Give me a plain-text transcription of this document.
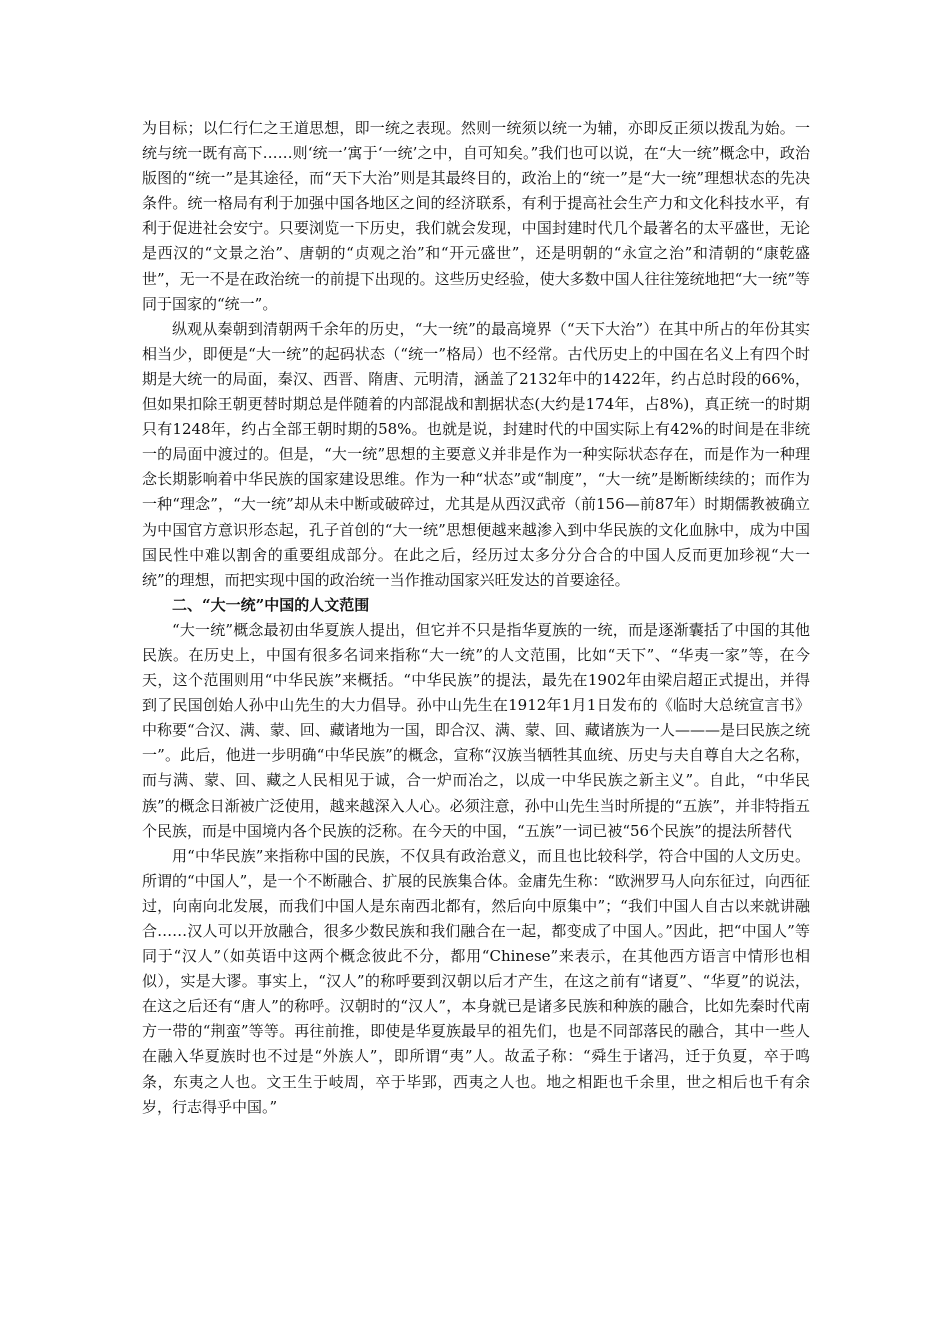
为目标；以仁行仁之王道思想，即一统之表现。然则一统须以统一为辅，亦即反正须以拨乱为始。一统与统一既有高下……则‘统一’寓于‘一统’之中，自可知矣。”我们也可以说，在“大一统”概念中，政治版图的“统一”是其途径，而“天下大治”则是其最终目的，政治上的“统一”是“大一统”理想状态的先决条件。统一格局有利于加强中国各地区之间的经济联系，有利于提高社会生产力和文化科技水平，有利于促进社会安宁。只要浏览一下历史，我们就会发现，中国封建时代几个最著名的太平盛世，无论是西汉的“文景之治”、唐朝的“贞观之治”和“开元盛世”，还是明朝的“永宣之治”和清朝的“康乾盛世”，无一不是在政治统一的前提下出现的。这些历史经验，使大多数中国人往往笼统地把“大一统”等同于国家的“统一”。

纵观从秦朝到清朝两千余年的历史，“大一统”的最高境界（“天下大治”）在其中所占的年份其实相当少，即便是“大一统”的起码状态（“统一”格局）也不经常。古代历史上的中国在名义上有四个时期是大统一的局面，秦汉、西晋、隋唐、元明清，涵盖了2132年中的1422年，约占总时段的66%，但如果扣除王朝更替时期总是伴随着的内部混战和割据状态(大约是174年，占8%)，真正统一的时期只有1248年，约占全部王朝时期的58%。也就是说，封建时代的中国实际上有42%的时间是在非统一的局面中渡过的。但是，“大一统”思想的主要意义并非是作为一种实际状态存在，而是作为一种理念长期影响着中华民族的国家建设思维。作为一种“状态”或“制度”，“大一统”是断断续续的；而作为一种“理念”，“大一统”却从未中断或破碎过，尤其是从西汉武帝（前156—前87年）时期儒教被确立为中国官方意识形态起，孔子首创的“大一统”思想便越来越渗入到中华民族的文化血脉中，成为中国国民性中难以割舍的重要组成部分。在此之后，经历过太多分分合合的中国人反而更加珍视“大一统”的理想，而把实现中国的政治统一当作推动国家兴旺发达的首要途径。

二、“大一统”中国的人文范围

“大一统”概念最初由华夏族人提出，但它并不只是指华夏族的一统，而是逐渐囊括了中国的其他民族。在历史上，中国有很多名词来指称“大一统”的人文范围，比如“天下”、“华夷一家”等，在今天，这个范围则用“中华民族”来概括。“中华民族”的提法，最先在1902年由梁启超正式提出，并得到了民国创始人孙中山先生的大力倡导。孙中山先生在1912年1月1日发布的《临时大总统宣言书》中称要“合汉、满、蒙、回、藏诸地为一国，即合汉、满、蒙、回、藏诸族为一人———是曰民族之统一”。此后，他进一步明确“中华民族”的概念，宣称“汉族当牺牲其血统、历史与夫自尊自大之名称，而与满、蒙、回、藏之人民相见于诚，合一炉而冶之，以成一中华民族之新主义”。自此，“中华民族”的概念日渐被广泛使用，越来越深入人心。必须注意，孙中山先生当时所提的“五族”，并非特指五个民族，而是中国境内各个民族的泛称。在今天的中国，“五族”一词已被“56个民族”的提法所替代

用“中华民族”来指称中国的民族，不仅具有政治意义，而且也比较科学，符合中国的人文历史。所谓的“中国人”，是一个不断融合、扩展的民族集合体。金庸先生称：“欧洲罗马人向东征过，向西征过，向南向北发展，而我们中国人是东南西北都有，然后向中原集中”；“我们中国人自古以来就讲融合……汉人可以开放融合，很多少数民族和我们融合在一起，都变成了中国人。”因此，把“中国人”等同于“汉人”（如英语中这两个概念彼此不分，都用“Chinese”来表示，在其他西方语言中情形也相似），实是大谬。事实上，“汉人”的称呼要到汉朝以后才产生，在这之前有“诸夏”、“华夏”的说法，在这之后还有“唐人”的称呼。汉朝时的“汉人”，本身就已是诸多民族和种族的融合，比如先秦时代南方一带的“荆蛮”等等。再往前推，即使是华夏族最早的祖先们，也是不同部落民的融合，其中一些人在融入华夏族时也不过是“外族人”，即所谓“夷”人。故孟子称：“舜生于诸冯，迁于负夏，卒于鸣条，东夷之人也。文王生于岐周，卒于毕郢，西夷之人也。地之相距也千余里，世之相后也千有余岁，行志得乎中国。”
